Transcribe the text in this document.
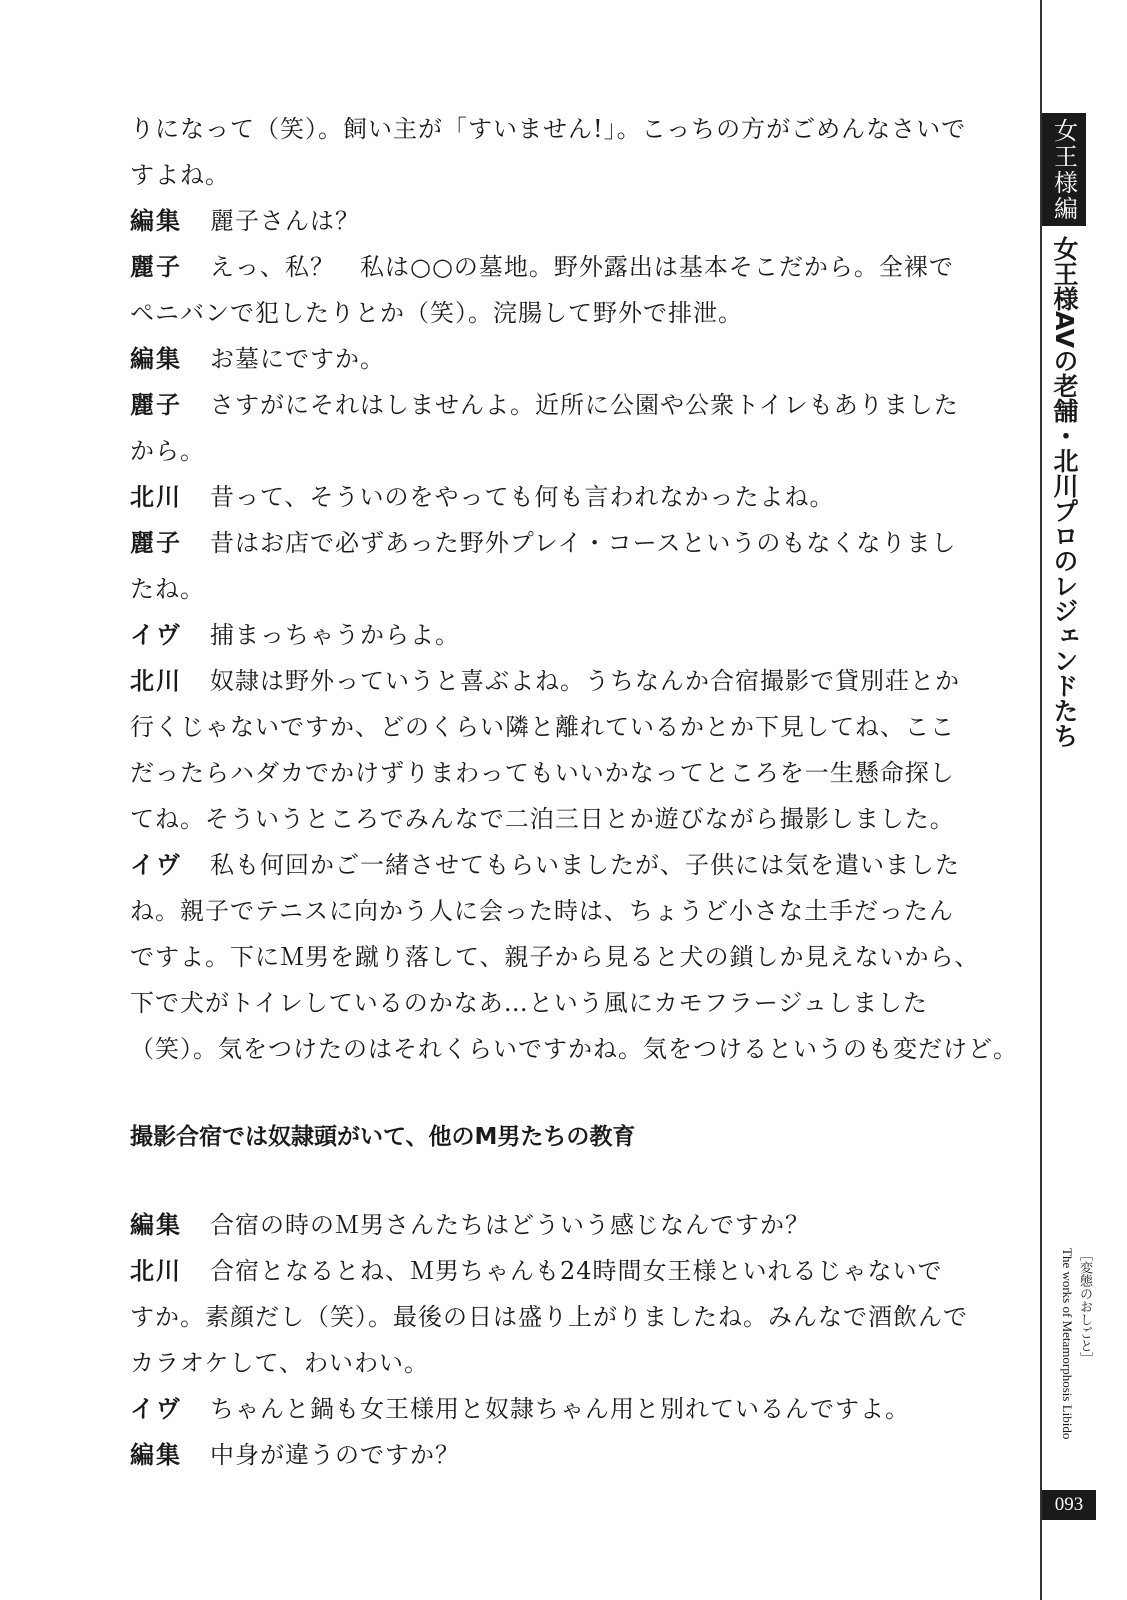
りになって（笑）。飼い主が「すいません!」。こっちの方がごめんなさいで
すよね。
編集 麗子さんは？
麗子 えっ、私？　私は○○の墓地。野外露出は基本そこだから。全裸で
ペニバンで犯したりとか（笑）。浣腸して野外で排泄。
編集 お墓にですか。
麗子 さすがにそれはしませんよ。近所に公園や公衆トイレもありました
から。
北川 昔って、そういのをやっても何も言われなかったよね。
麗子 昔はお店で必ずあった野外プレイ・コースというのもなくなりまし
たね。
イヴ 捕まっちゃうからよ。
北川 奴隷は野外っていうと喜ぶよね。うちなんか合宿撮影で貸別荘とか
行くじゃないですか、どのくらい隣と離れているかとか下見してね、ここ
だったらハダカでかけずりまわってもいいかなってところを一生懸命探し
てね。そういうところでみんなで二泊三日とか遊びながら撮影しました。
イヴ 私も何回かご一緒させてもらいましたが、子供には気を遣いました
ね。親子でテニスに向かう人に会った時は、ちょうど小さな土手だったん
ですよ。下にＭ男を蹴り落して、親子から見ると犬の鎖しか見えないから、
下で犬がトイレしているのかなあ…という風にカモフラージュしました
（笑）。気をつけたのはそれくらいですかね。気をつけるというのも変だけど。
撮影合宿では奴隷頭がいて、他のM男たちの教育
編集 合宿の時のＭ男さんたちはどういう感じなんですか？
北川 合宿となるとね、Ｍ男ちゃんも24時間女王様といれるじゃないで
すか。素顔だし（笑）。最後の日は盛り上がりましたね。みんなで酒飲んで
カラオケして、わいわい。
イヴ ちゃんと鍋も女王様用と奴隷ちゃん用と別れているんですよ。
編集 中身が違うのですか？
女王様編
女王様AVの老舗・北川プロのレジェンドたち
［変態のおしごと］
The works of Metamorphosis Libido
093
